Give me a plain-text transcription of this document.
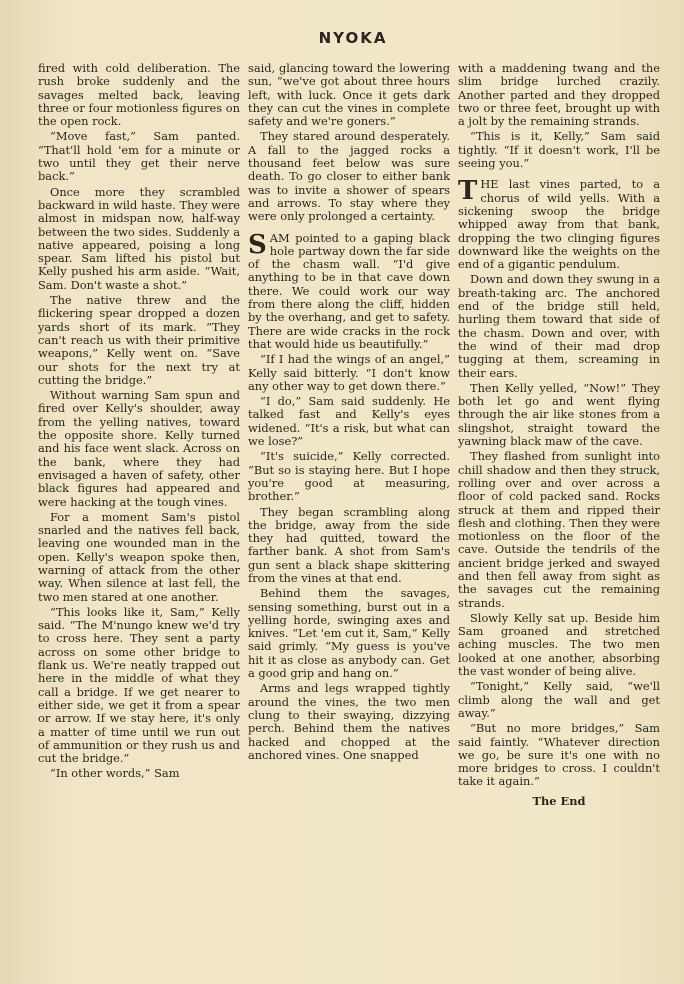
NYOKA

fired with cold deliberation. The rush broke suddenly and the savages melted back, leaving three or four motionless figures on the open rock.

“Move fast,” Sam panted. “That'll hold 'em for a minute or two until they get their nerve back.”

Once more they scrambled backward in wild haste. They were almost in midspan now, half-way between the two sides. Suddenly a native appeared, poising a long spear. Sam lifted his pistol but Kelly pushed his arm aside. “Wait, Sam. Don't waste a shot.”

The native threw and the flickering spear dropped a dozen yards short of its mark. “They can't reach us with their primitive weapons,” Kelly went on. “Save our shots for the next try at cutting the bridge.”

Without warning Sam spun and fired over Kelly's shoulder, away from the yelling natives, toward the opposite shore. Kelly turned and his face went slack. Across on the bank, where they had envisaged a haven of safety, other black figures had appeared and were hacking at the tough vines.

For a moment Sam's pistol snarled and the natives fell back, leaving one wounded man in the open. Kelly's weapon spoke then, warning of attack from the other way. When silence at last fell, the two men stared at one another.

“This looks like it, Sam,” Kelly said. “The M'nungo knew we'd try to cross here. They sent a party across on some other bridge to flank us. We're neatly trapped out here in the middle of what they call a bridge. If we get nearer to either side, we get it from a spear or arrow. If we stay here, it's only a matter of time until we run out of ammunition or they rush us and cut the bridge.”

“In other words,” Sam

said, glancing toward the lowering sun, “we've got about three hours left, with luck. Once it gets dark they can cut the vines in complete safety and we're goners.”

They stared around desperately. A fall to the jagged rocks a thousand feet below was sure death. To go closer to either bank was to invite a shower of spears and arrows. To stay where they were only prolonged a certainty.

SAM pointed to a gaping black hole partway down the far side of the chasm wall. “I'd give anything to be in that cave down there. We could work our way from there along the cliff, hidden by the overhang, and get to safety. There are wide cracks in the rock that would hide us beautifully.”

“If I had the wings of an angel,” Kelly said bitterly. “I don't know any other way to get down there.”

“I do,” Sam said suddenly. He talked fast and Kelly's eyes widened. “It's a risk, but what can we lose?”

“It's suicide,” Kelly corrected. “But so is staying here. But I hope you're good at measuring, brother.”

They began scrambling along the bridge, away from the side they had quitted, toward the farther bank. A shot from Sam's gun sent a black shape skittering from the vines at that end.

Behind them the savages, sensing something, burst out in a yelling horde, swinging axes and knives. “Let 'em cut it, Sam,” Kelly said grimly. “My guess is you've hit it as close as anybody can. Get a good grip and hang on.”

Arms and legs wrapped tightly around the vines, the two men clung to their swaying, dizzying perch. Behind them the natives hacked and chopped at the anchored vines. One snapped

with a maddening twang and the slim bridge lurched crazily. Another parted and they dropped two or three feet, brought up with a jolt by the remaining strands.

“This is it, Kelly,” Sam said tightly. “If it doesn't work, I'll be seeing you.”

THE last vines parted, to a chorus of wild yells. With a sickening swoop the bridge whipped away from that bank, dropping the two clinging figures downward like the weights on the end of a gigantic pendulum.

Down and down they swung in a breath-taking arc. The anchored end of the bridge still held, hurling them toward that side of the chasm. Down and over, with the wind of their mad drop tugging at them, screaming in their ears.

Then Kelly yelled, “Now!” They both let go and went flying through the air like stones from a slingshot, straight toward the yawning black maw of the cave.

They flashed from sunlight into chill shadow and then they struck, rolling over and over across a floor of cold packed sand. Rocks struck at them and ripped their flesh and clothing. Then they were motionless on the floor of the cave. Outside the tendrils of the ancient bridge jerked and swayed and then fell away from sight as the savages cut the remaining strands.

Slowly Kelly sat up. Beside him Sam groaned and stretched aching muscles. The two men looked at one another, absorbing the vast wonder of being alive.

“Tonight,” Kelly said, “we'll climb along the wall and get away.”

“But no more bridges,” Sam said faintly. “Whatever direction we go, be sure it's one with no more bridges to cross. I couldn't take it again.”

The End
